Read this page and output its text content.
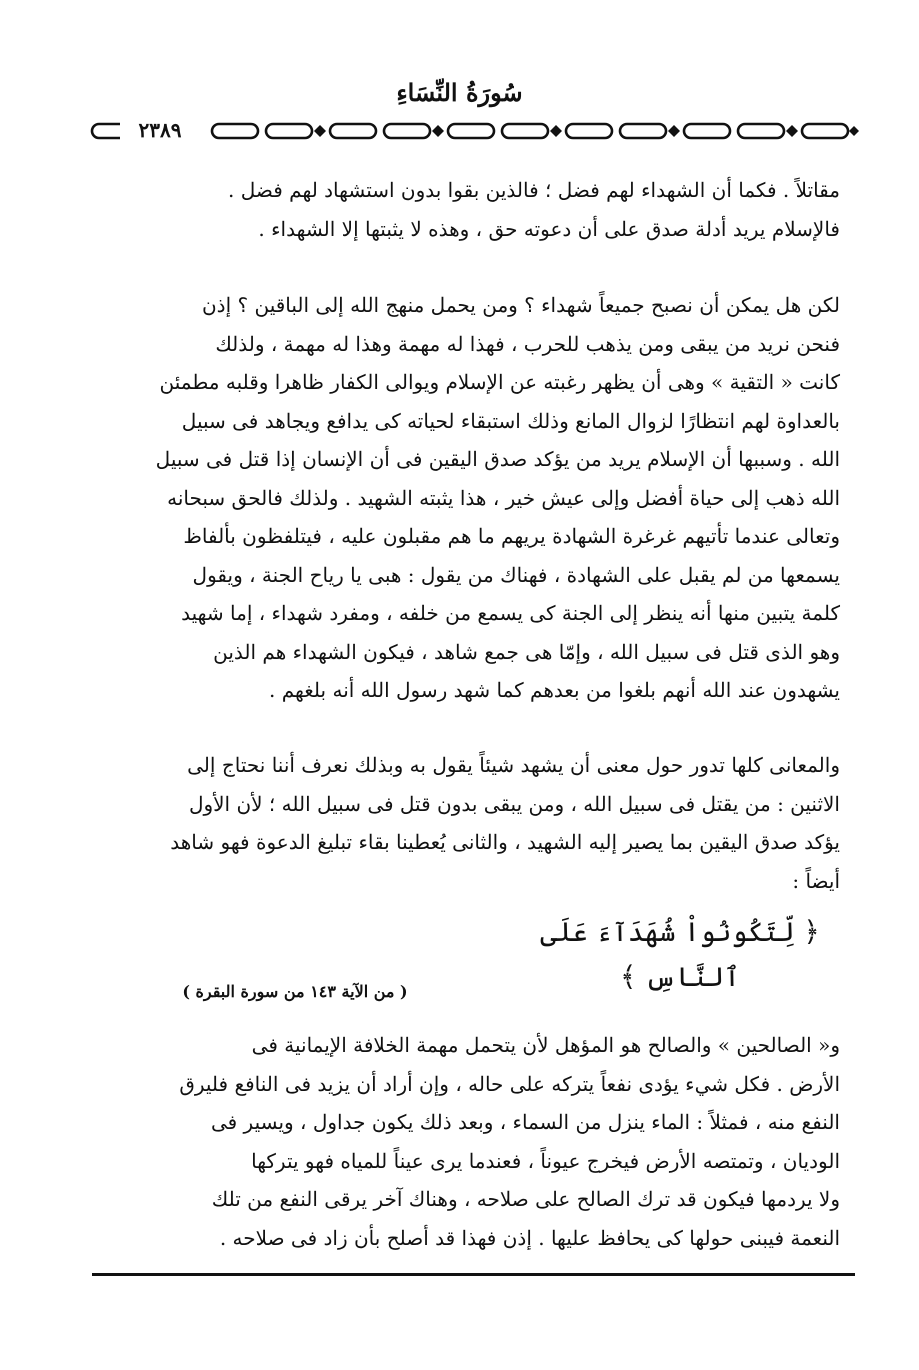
سُورَةُ النِّسَاءِ
٢٣٨٩
مقاتلاً . فكما أن الشهداء لهم فضل ؛ فالذين بقوا بدون استشهاد لهم فضل .
فالإسلام يريد أدلة صدق على أن دعوته حق ، وهذه لا يثبتها إلا الشهداء .
لكن هل يمكن أن نصبح جميعاً شهداء ؟ ومن يحمل منهج الله إلى الباقين ؟ إذن
فنحن نريد من يبقى ومن يذهب للحرب ، فهذا له مهمة وهذا له مهمة ، ولذلك
كانت « التقية » وهى أن يظهر رغبته عن الإسلام ويوالى الكفار ظاهرا وقلبه مطمئن
بالعداوة لهم انتظارًا لزوال المانع وذلك استبقاء لحياته كى يدافع ويجاهد فى سبيل
الله . وسببها أن الإسلام يريد من يؤكد صدق اليقين فى أن الإنسان إذا قتل فى سبيل
الله ذهب إلى حياة أفضل وإلى عيش خير ، هذا يثبته الشهيد . ولذلك فالحق سبحانه
وتعالى عندما تأتيهم غرغرة الشهادة يريهم ما هم مقبلون عليه ، فيتلفظون بألفاظ
يسمعها من لم يقبل على الشهادة ، فهناك من يقول : هبى يا رياح الجنة ، ويقول
كلمة يتبين منها أنه ينظر إلى الجنة كى يسمع من خلفه ، ومفرد شهداء ، إما شهيد
وهو الذى قتل فى سبيل الله ، وإمّا هى جمع شاهد ، فيكون الشهداء هم الذين
يشهدون عند الله أنهم بلغوا من بعدهم كما شهد رسول الله أنه بلغهم .
والمعانى كلها تدور حول معنى أن يشهد شيئاً يقول به وبذلك نعرف أننا نحتاج إلى
الاثنين : من يقتل فى سبيل الله ، ومن يبقى بدون قتل فى سبيل الله ؛ لأن الأول
يؤكد صدق اليقين بما يصير إليه الشهيد ، والثانى يُعطينا بقاء تبليغ الدعوة فهو شاهد
أيضاً :
﴿ لِّتَكُونُواْ شُهَدَآءَ عَلَى ٱلنَّاسِ ﴾
( من الآية ١٤٣ من سورة البقرة )
و« الصالحين » والصالح هو المؤهل لأن يتحمل مهمة الخلافة الإيمانية فى
الأرض . فكل شيء يؤدى نفعاً يتركه على حاله ، وإن أراد أن يزيد فى النافع فليرق
النفع منه ، فمثلاً : الماء ينزل من السماء ، وبعد ذلك يكون جداول ، ويسير فى
الوديان ، وتمتصه الأرض فيخرج عيوناً ، فعندما يرى عيناً للمياه فهو يتركها
ولا يردمها فيكون قد ترك الصالح على صلاحه ، وهناك آخر يرقى النفع من تلك
النعمة فيبنى حولها كى يحافظ عليها . إذن فهذا قد أصلح بأن زاد فى صلاحه .
